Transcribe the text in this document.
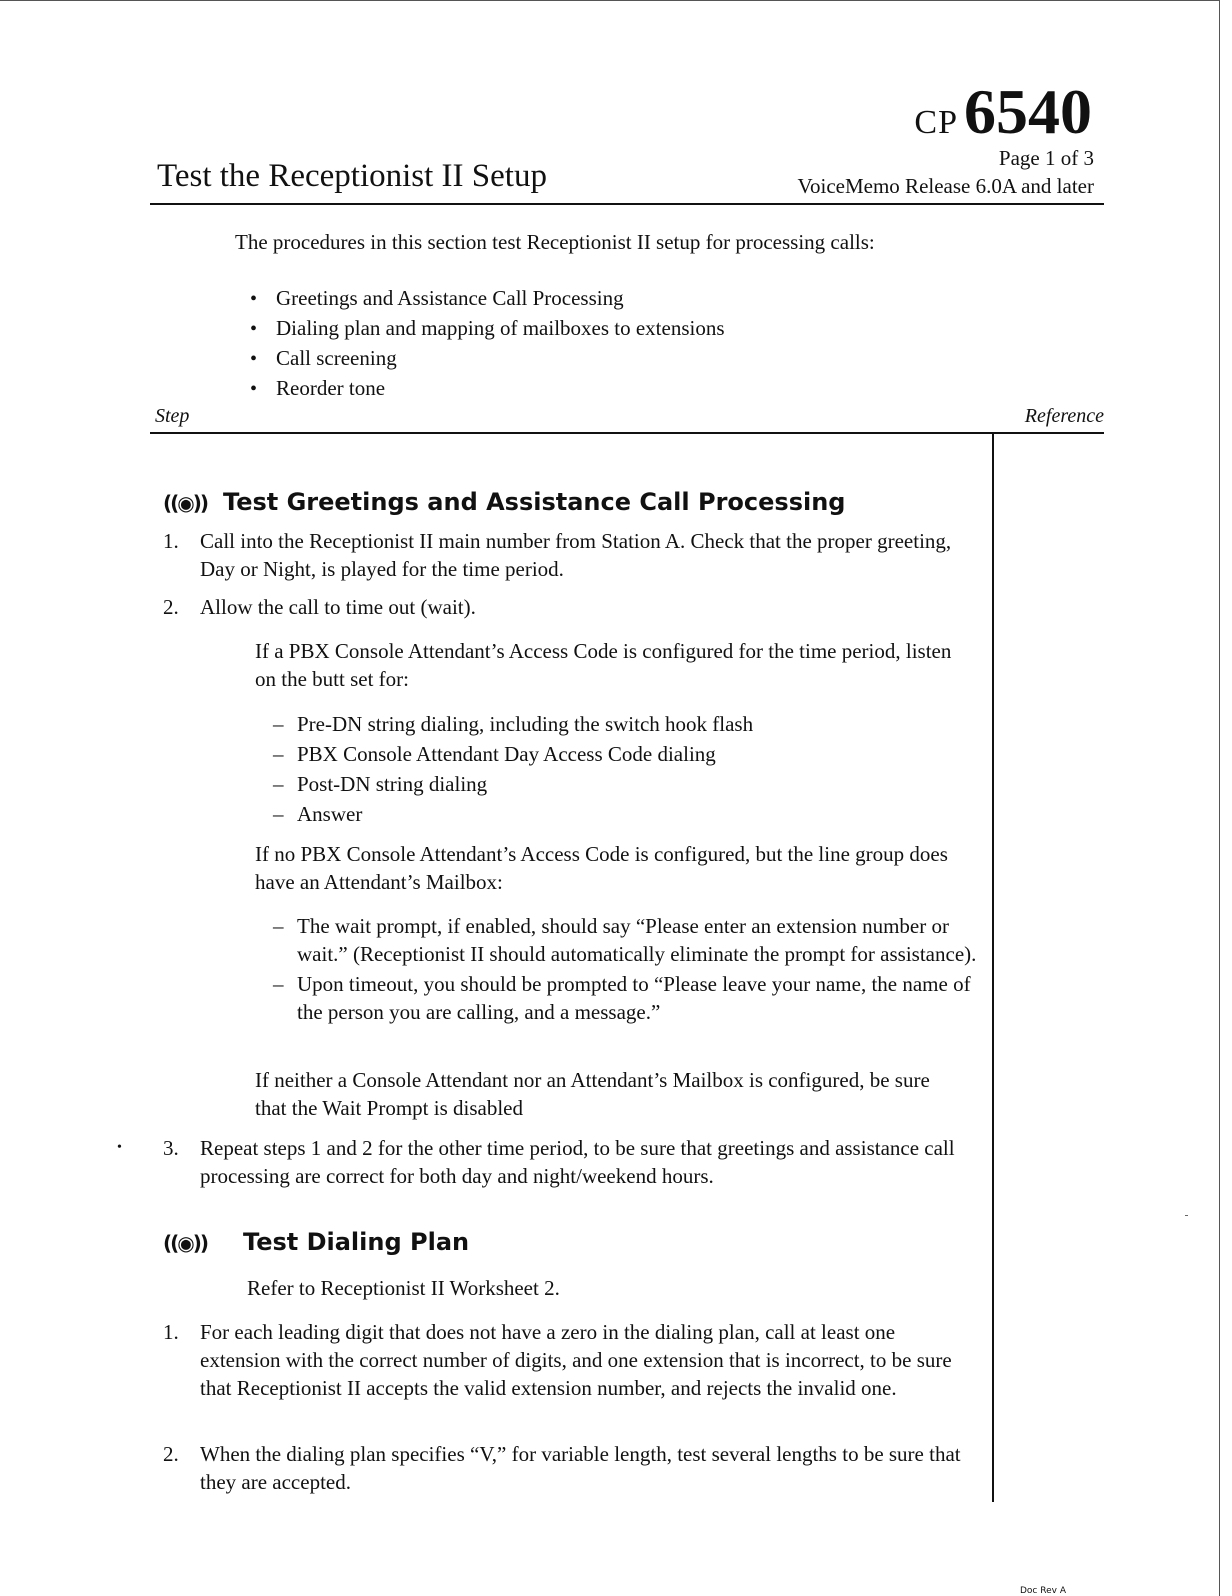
CP6540
Page 1 of 3
VoiceMemo Release 6.0A and later
Test the Receptionist II Setup
The procedures in this section test Receptionist II setup for processing calls:
• Greetings and Assistance Call Processing
• Dialing plan and mapping of mailboxes to extensions
• Call screening
• Reorder tone
Step	Reference
((◉)) Test Greetings and Assistance Call Processing
1. Call into the Receptionist II main number from Station A. Check that the proper greeting, Day or Night, is played for the time period.
2. Allow the call to time out (wait).
If a PBX Console Attendant’s Access Code is configured for the time period, listen on the butt set for:
– Pre-DN string dialing, including the switch hook flash
– PBX Console Attendant Day Access Code dialing
– Post-DN string dialing
– Answer
If no PBX Console Attendant’s Access Code is configured, but the line group does have an Attendant’s Mailbox:
– The wait prompt, if enabled, should say “Please enter an extension number or wait.” (Receptionist II should automatically eliminate the prompt for assistance).
– Upon timeout, you should be prompted to “Please leave your name, the name of the person you are calling, and a message.”
If neither a Console Attendant nor an Attendant’s Mailbox is configured, be sure that the Wait Prompt is disabled
• 3. Repeat steps 1 and 2 for the other time period, to be sure that greetings and assistance call processing are correct for both day and night/weekend hours.
((◉)) Test Dialing Plan
Refer to Receptionist II Worksheet 2.
1. For each leading digit that does not have a zero in the dialing plan, call at least one extension with the correct number of digits, and one extension that is incorrect, to be sure that Receptionist II accepts the valid extension number, and rejects the invalid one.
2. When the dialing plan specifies “V,” for variable length, test several lengths to be sure that they are accepted.
Doc Rev A
